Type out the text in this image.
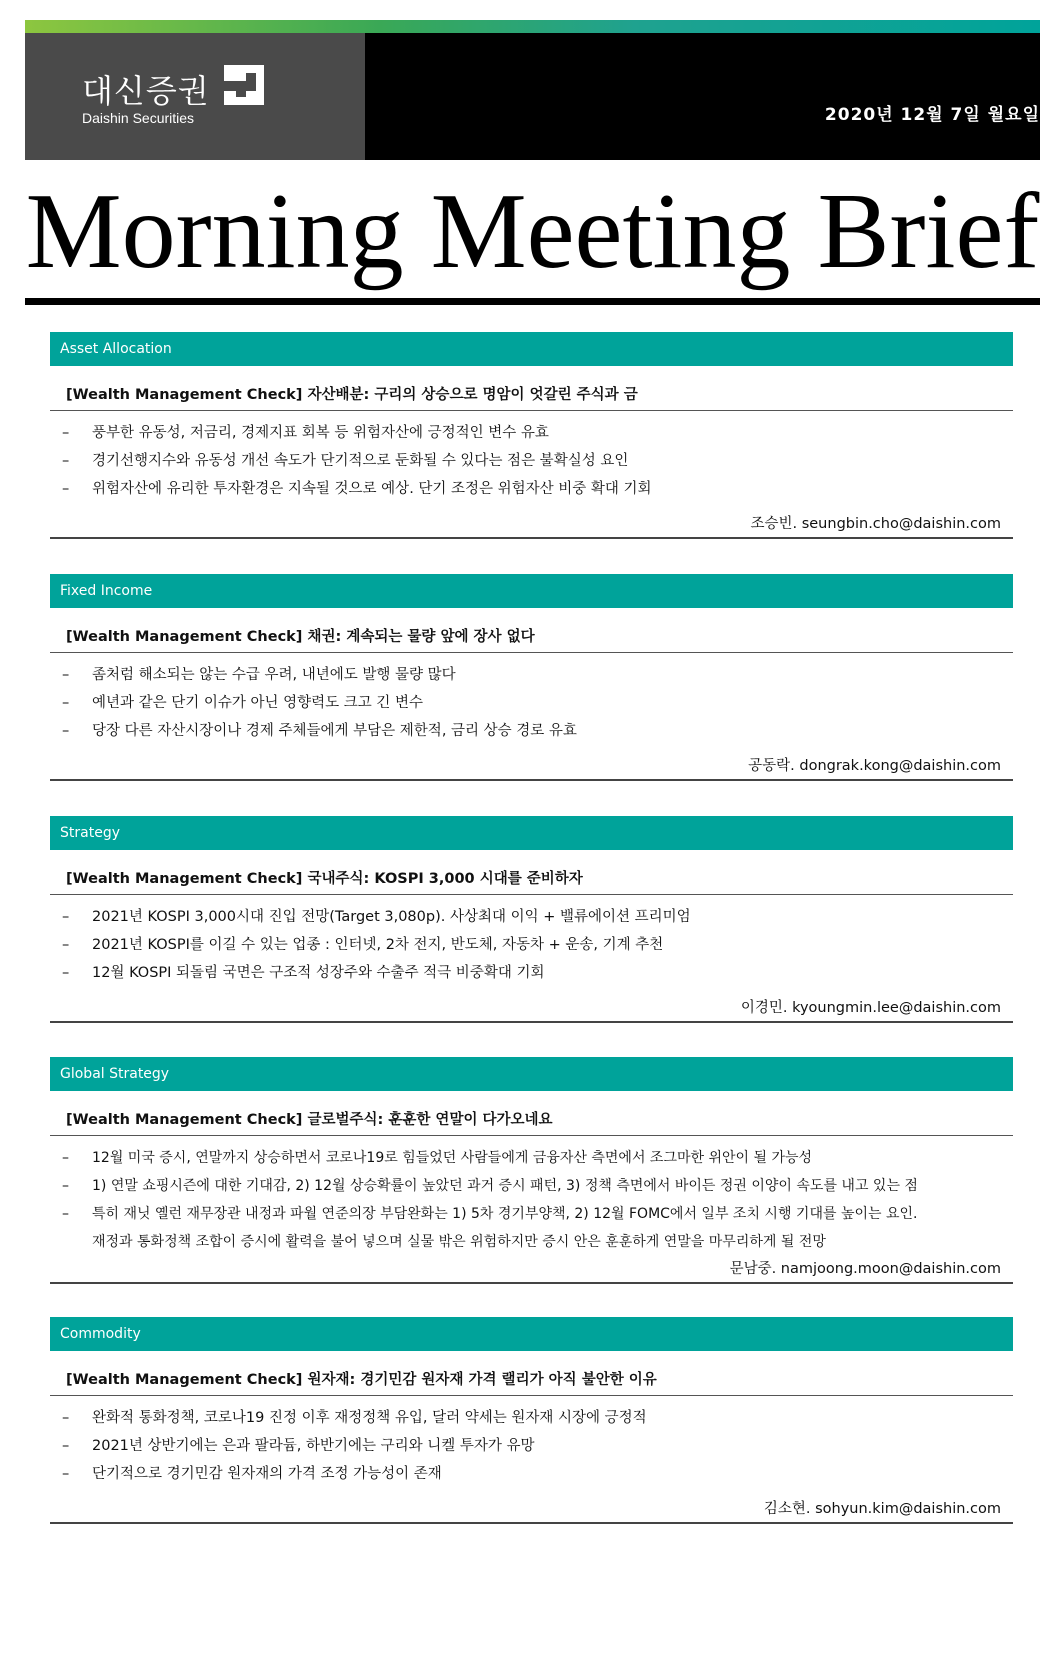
대신증권
Daishin Securities	2020년 12월 7일 월요일
Morning Meeting Brief
Asset Allocation
[Wealth Management Check] 자산배분: 구리의 상승으로 명암이 엇갈린 주식과 금
– 풍부한 유동성, 저금리, 경제지표 회복 등 위험자산에 긍정적인 변수 유효
– 경기선행지수와 유동성 개선 속도가 단기적으로 둔화될 수 있다는 점은 불확실성 요인
– 위험자산에 유리한 투자환경은 지속될 것으로 예상. 단기 조정은 위험자산 비중 확대 기회
조승빈. seungbin.cho@daishin.com
Fixed Income
[Wealth Management Check] 채권: 계속되는 물량 앞에 장사 없다
– 좀처럼 해소되는 않는 수급 우려, 내년에도 발행 물량 많다
– 예년과 같은 단기 이슈가 아닌 영향력도 크고 긴 변수
– 당장 다른 자산시장이나 경제 주체들에게 부담은 제한적, 금리 상승 경로 유효
공동락. dongrak.kong@daishin.com
Strategy
[Wealth Management Check] 국내주식: KOSPI 3,000 시대를 준비하자
– 2021년 KOSPI 3,000시대 진입 전망(Target 3,080p). 사상최대 이익 + 밸류에이션 프리미엄
– 2021년 KOSPI를 이길 수 있는 업종 : 인터넷, 2차 전지, 반도체, 자동차 + 운송, 기계 추천
– 12월 KOSPI 되돌림 국면은 구조적 성장주와 수출주 적극 비중확대 기회
이경민. kyoungmin.lee@daishin.com
Global Strategy
[Wealth Management Check] 글로벌주식: 훈훈한 연말이 다가오네요
– 12월 미국 증시, 연말까지 상승하면서 코로나19로 힘들었던 사람들에게 금융자산 측면에서 조그마한 위안이 될 가능성
– 1) 연말 쇼핑시즌에 대한 기대감, 2) 12월 상승확률이 높았던 과거 증시 패턴, 3) 정책 측면에서 바이든 정권 이양이 속도를 내고 있는 점
– 특히 재닛 옐런 재무장관 내정과 파월 연준의장 부담완화는 1) 5차 경기부양책, 2) 12월 FOMC에서 일부 조치 시행 기대를 높이는 요인.
재정과 통화정책 조합이 증시에 활력을 불어 넣으며 실물 밖은 위험하지만 증시 안은 훈훈하게 연말을 마무리하게 될 전망
문남중. namjoong.moon@daishin.com
Commodity
[Wealth Management Check] 원자재: 경기민감 원자재 가격 랠리가 아직 불안한 이유
– 완화적 통화정책, 코로나19 진정 이후 재정정책 유입, 달러 약세는 원자재 시장에 긍정적
– 2021년 상반기에는 은과 팔라듐, 하반기에는 구리와 니켈 투자가 유망
– 단기적으로 경기민감 원자재의 가격 조정 가능성이 존재
김소현. sohyun.kim@daishin.com
